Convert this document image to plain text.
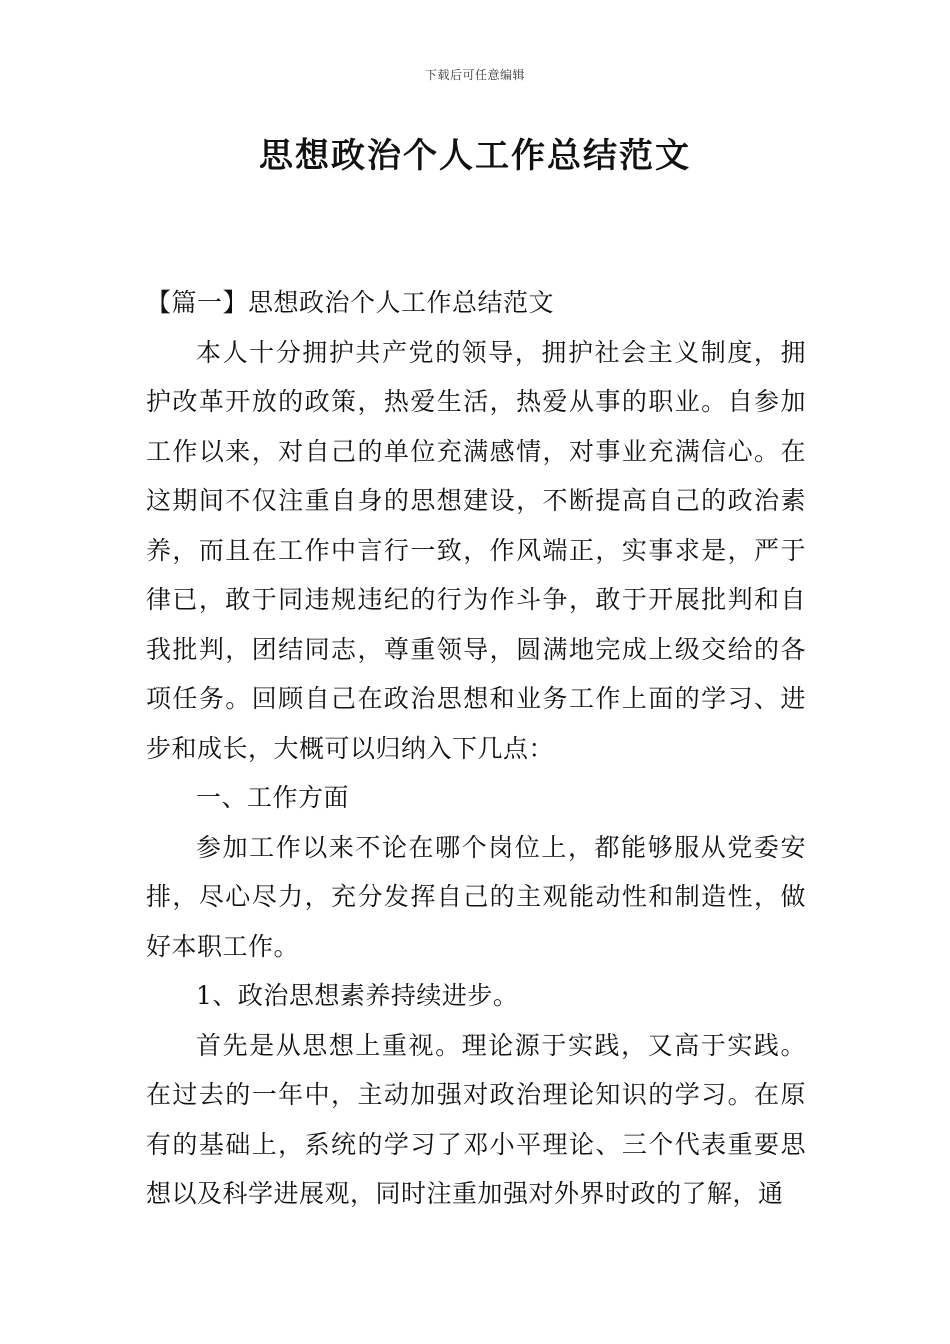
下载后可任意编辑
思想政治个人工作总结范文

【篇一】思想政治个人工作总结范文

本人十分拥护共产党的领导，拥护社会主义制度，拥护改革开放的政策，热爱生活，热爱从事的职业。自参加工作以来，对自己的单位充满感情，对事业充满信心。在这期间不仅注重自身的思想建设，不断提高自己的政治素养，而且在工作中言行一致，作风端正，实事求是，严于律已，敢于同违规违纪的行为作斗争，敢于开展批判和自我批判，团结同志，尊重领导，圆满地完成上级交给的各项任务。回顾自己在政治思想和业务工作上面的学习、进步和成长，大概可以归纳入下几点：

一、工作方面

参加工作以来不论在哪个岗位上，都能够服从党委安排，尽心尽力，充分发挥自己的主观能动性和制造性，做好本职工作。

1、政治思想素养持续进步。

首先是从思想上重视。理论源于实践，又高于实践。在过去的一年中，主动加强对政治理论知识的学习。在原有的基础上，系统的学习了邓小平理论、三个代表重要思想以及科学进展观，同时注重加强对外界时政的了解，通
